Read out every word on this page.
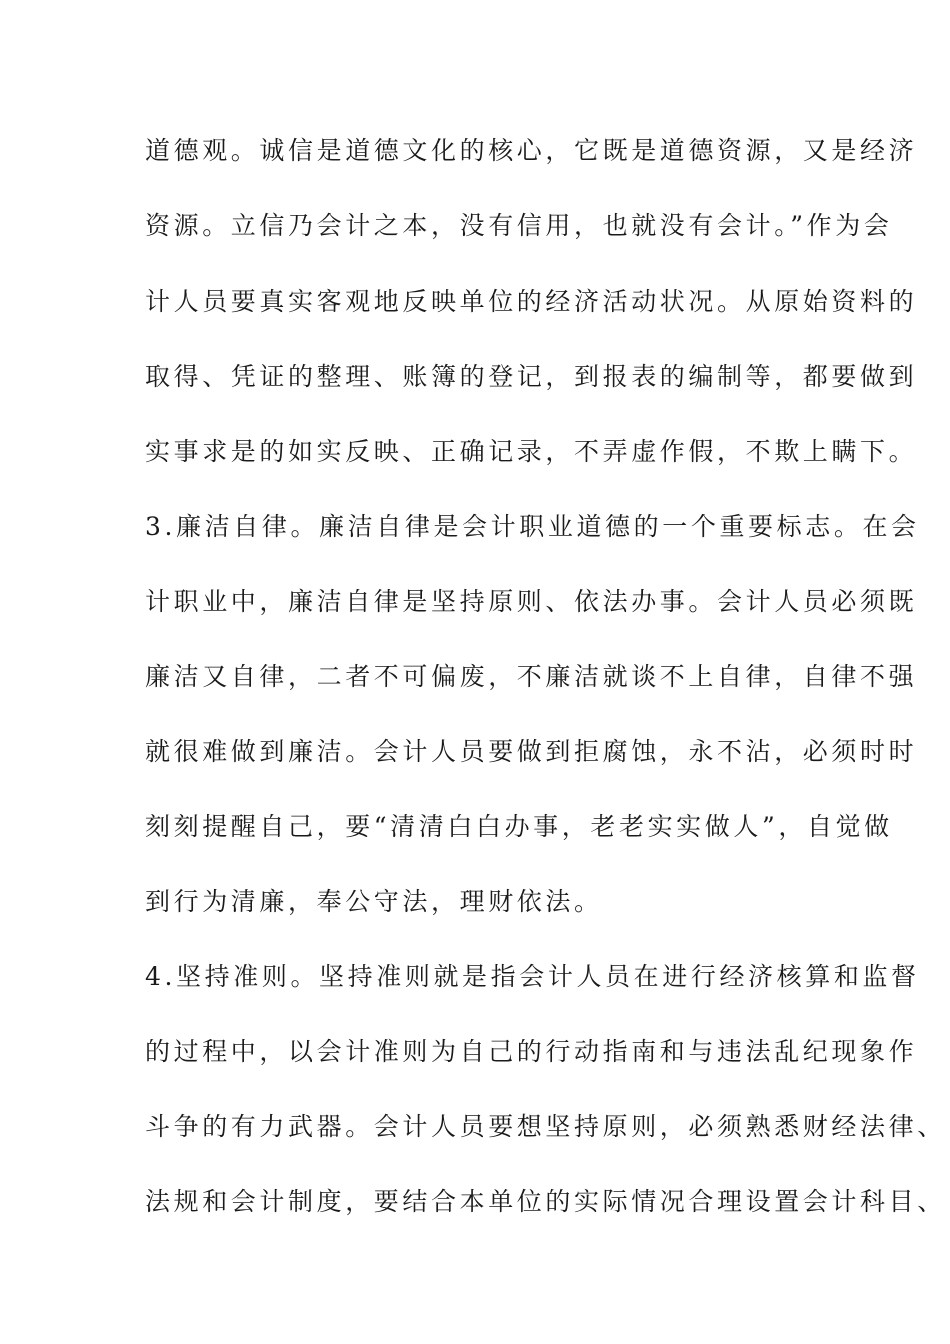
道德观。诚信是道德文化的核心，它既是道德资源，又是经济
资源。立信乃会计之本，没有信用，也就没有会计。”作为会
计人员要真实客观地反映单位的经济活动状况。从原始资料的
取得、凭证的整理、账簿的登记，到报表的编制等，都要做到
实事求是的如实反映、正确记录，不弄虚作假，不欺上瞒下。
3.廉洁自律。廉洁自律是会计职业道德的一个重要标志。在会
计职业中，廉洁自律是坚持原则、依法办事。会计人员必须既
廉洁又自律，二者不可偏废，不廉洁就谈不上自律，自律不强
就很难做到廉洁。会计人员要做到拒腐蚀，永不沾，必须时时
刻刻提醒自己，要“清清白白办事，老老实实做人”，自觉做
到行为清廉，奉公守法，理财依法。
4.坚持准则。坚持准则就是指会计人员在进行经济核算和监督
的过程中，以会计准则为自己的行动指南和与违法乱纪现象作
斗争的有力武器。会计人员要想坚持原则，必须熟悉财经法律、
法规和会计制度，要结合本单位的实际情况合理设置会计科目、
